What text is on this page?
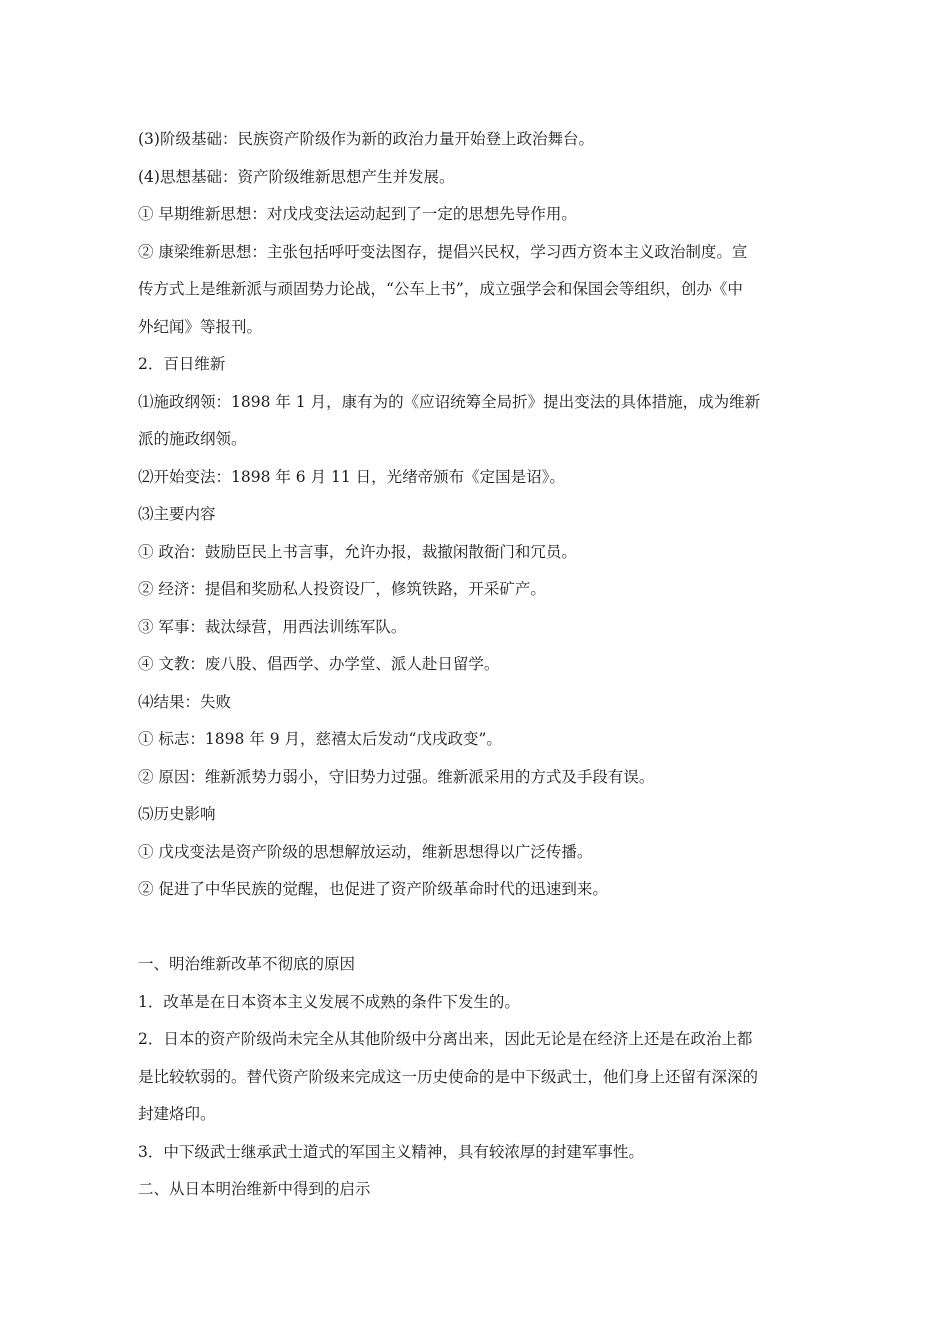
(3)阶级基础：民族资产阶级作为新的政治力量开始登上政治舞台。
(4)思想基础：资产阶级维新思想产生并发展。
① 早期维新思想：对戊戌变法运动起到了一定的思想先导作用。
② 康梁维新思想：主张包括呼吁变法图存，提倡兴民权，学习西方资本主义政治制度。宣
传方式上是维新派与顽固势力论战，“公车上书”，成立强学会和保国会等组织，创办《中
外纪闻》等报刊。
2．百日维新
⑴施政纲领：1898 年 1 月，康有为的《应诏统筹全局折》提出变法的具体措施，成为维新
派的施政纲领。
⑵开始变法：1898 年 6 月 11 日，光绪帝颁布《定国是诏》。
⑶主要内容
① 政治：鼓励臣民上书言事，允许办报，裁撤闲散衙门和冗员。
② 经济：提倡和奖励私人投资设厂，修筑铁路，开采矿产。
③ 军事：裁汰绿营，用西法训练军队。
④ 文教：废八股、倡西学、办学堂、派人赴日留学。
⑷结果：失败
① 标志：1898 年 9 月，慈禧太后发动“戊戌政变”。
② 原因：维新派势力弱小，守旧势力过强。维新派采用的方式及手段有误。
⑸历史影响
① 戊戌变法是资产阶级的思想解放运动，维新思想得以广泛传播。
② 促进了中华民族的觉醒，也促进了资产阶级革命时代的迅速到来。
一、明治维新改革不彻底的原因
1．改革是在日本资本主义发展不成熟的条件下发生的。
2．日本的资产阶级尚未完全从其他阶级中分离出来，因此无论是在经济上还是在政治上都
是比较软弱的。替代资产阶级来完成这一历史使命的是中下级武士，他们身上还留有深深的
封建烙印。
3．中下级武士继承武士道式的军国主义精神，具有较浓厚的封建军事性。
二、从日本明治维新中得到的启示
